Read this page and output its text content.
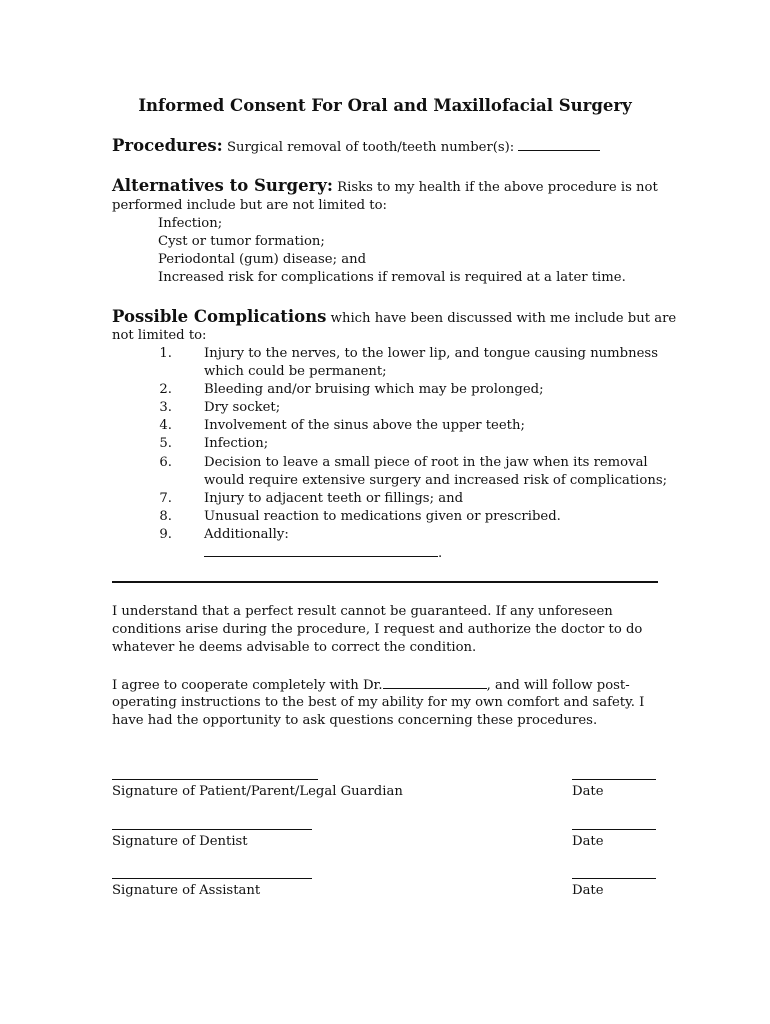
Informed Consent For Oral and Maxillofacial Surgery
Procedures: Surgical removal of tooth/teeth number(s):
Alternatives to Surgery: Risks to my health if the above procedure is not
performed include but are not limited to:
Infection;
Cyst or tumor formation;
Periodontal (gum) disease; and
Increased risk for complications if removal is required at a later time.
Possible Complications which have been discussed with me include but are
not limited to:
1. Injury to the nerves, to the lower lip, and tongue causing numbness
which could be permanent;
2. Bleeding and/or bruising which may be prolonged;
3. Dry socket;
4. Involvement of the sinus above the upper teeth;
5. Infection;
6. Decision to leave a small piece of root in the jaw when its removal
would require extensive surgery and increased risk of complications;
7. Injury to adjacent teeth or fillings; and
8. Unusual reaction to medications given or prescribed.
9. Additionally:
.
I understand that a perfect result cannot be guaranteed. If any unforeseen
conditions arise during the procedure, I request and authorize the doctor to do
whatever he deems advisable to correct the condition.
I agree to cooperate completely with Dr.	, and will follow post-
operating instructions to the best of my ability for my own comfort and safety. I
have had the opportunity to ask questions concerning these procedures.
Signature of Patient/Parent/Legal Guardian	Date
Signature of Dentist	Date
Signature of Assistant	Date
